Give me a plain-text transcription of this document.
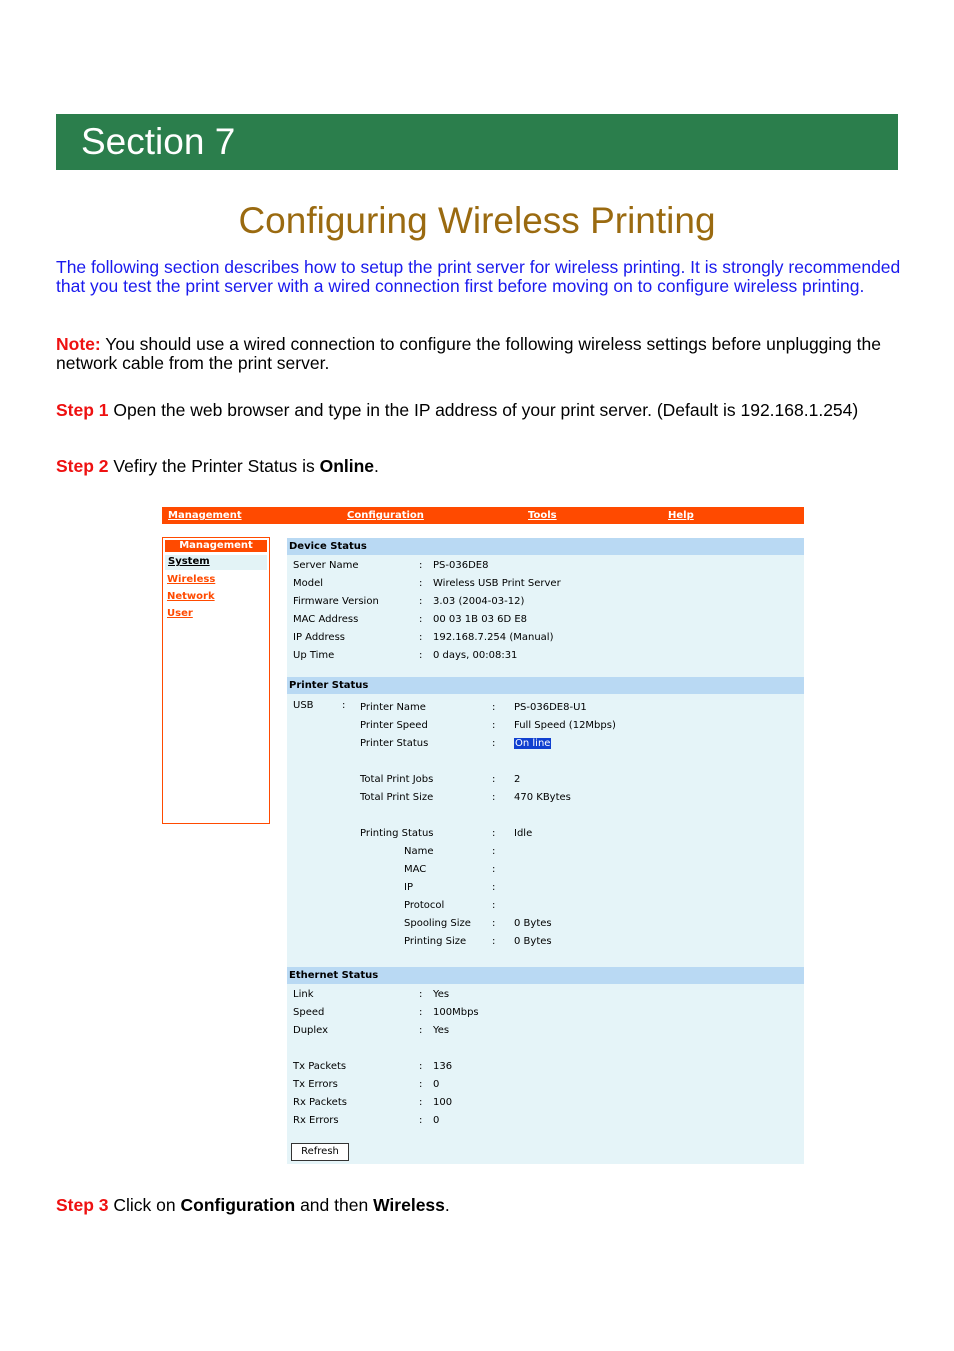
Section 7
Configuring Wireless Printing
The following section describes how to setup the print server for wireless printing. It is strongly recommended that you test the print server with a wired connection first before moving on to configure wireless printing.
Note: You should use a wired connection to configure the following wireless settings before unplugging the network cable from the print server.
Step 1 Open the web browser and type in the IP address of your print server. (Default is 192.168.1.254)
Step 2 Vefiry the Printer Status is Online.
Management	Configuration	Tools	Help
Management
System
Wireless
Network
User
Device Status
Server Name	: PS-036DE8
Model	: Wireless USB Print Server
Firmware Version	: 3.03 (2004-03-12)
MAC Address	: 00 03 1B 03 6D E8
IP Address	: 192.168.7.254 (Manual)
Up Time	: 0 days, 00:08:31
Printer Status
USB	: Printer Name	: PS-036DE8-U1
Printer Speed	: Full Speed (12Mbps)
Printer Status	: On line
Total Print Jobs	: 2
Total Print Size	: 470 KBytes
Printing Status	: Idle
Name	:
MAC	:
IP	:
Protocol	:
Spooling Size : 0 Bytes
Printing Size	: 0 Bytes
Ethernet Status
Link	: Yes
Speed	: 100Mbps
Duplex	: Yes
Tx Packets	: 136
Tx Errors	: 0
Rx Packets	: 100
Rx Errors	: 0
Refresh
Step 3 Click on Configuration and then Wireless.
